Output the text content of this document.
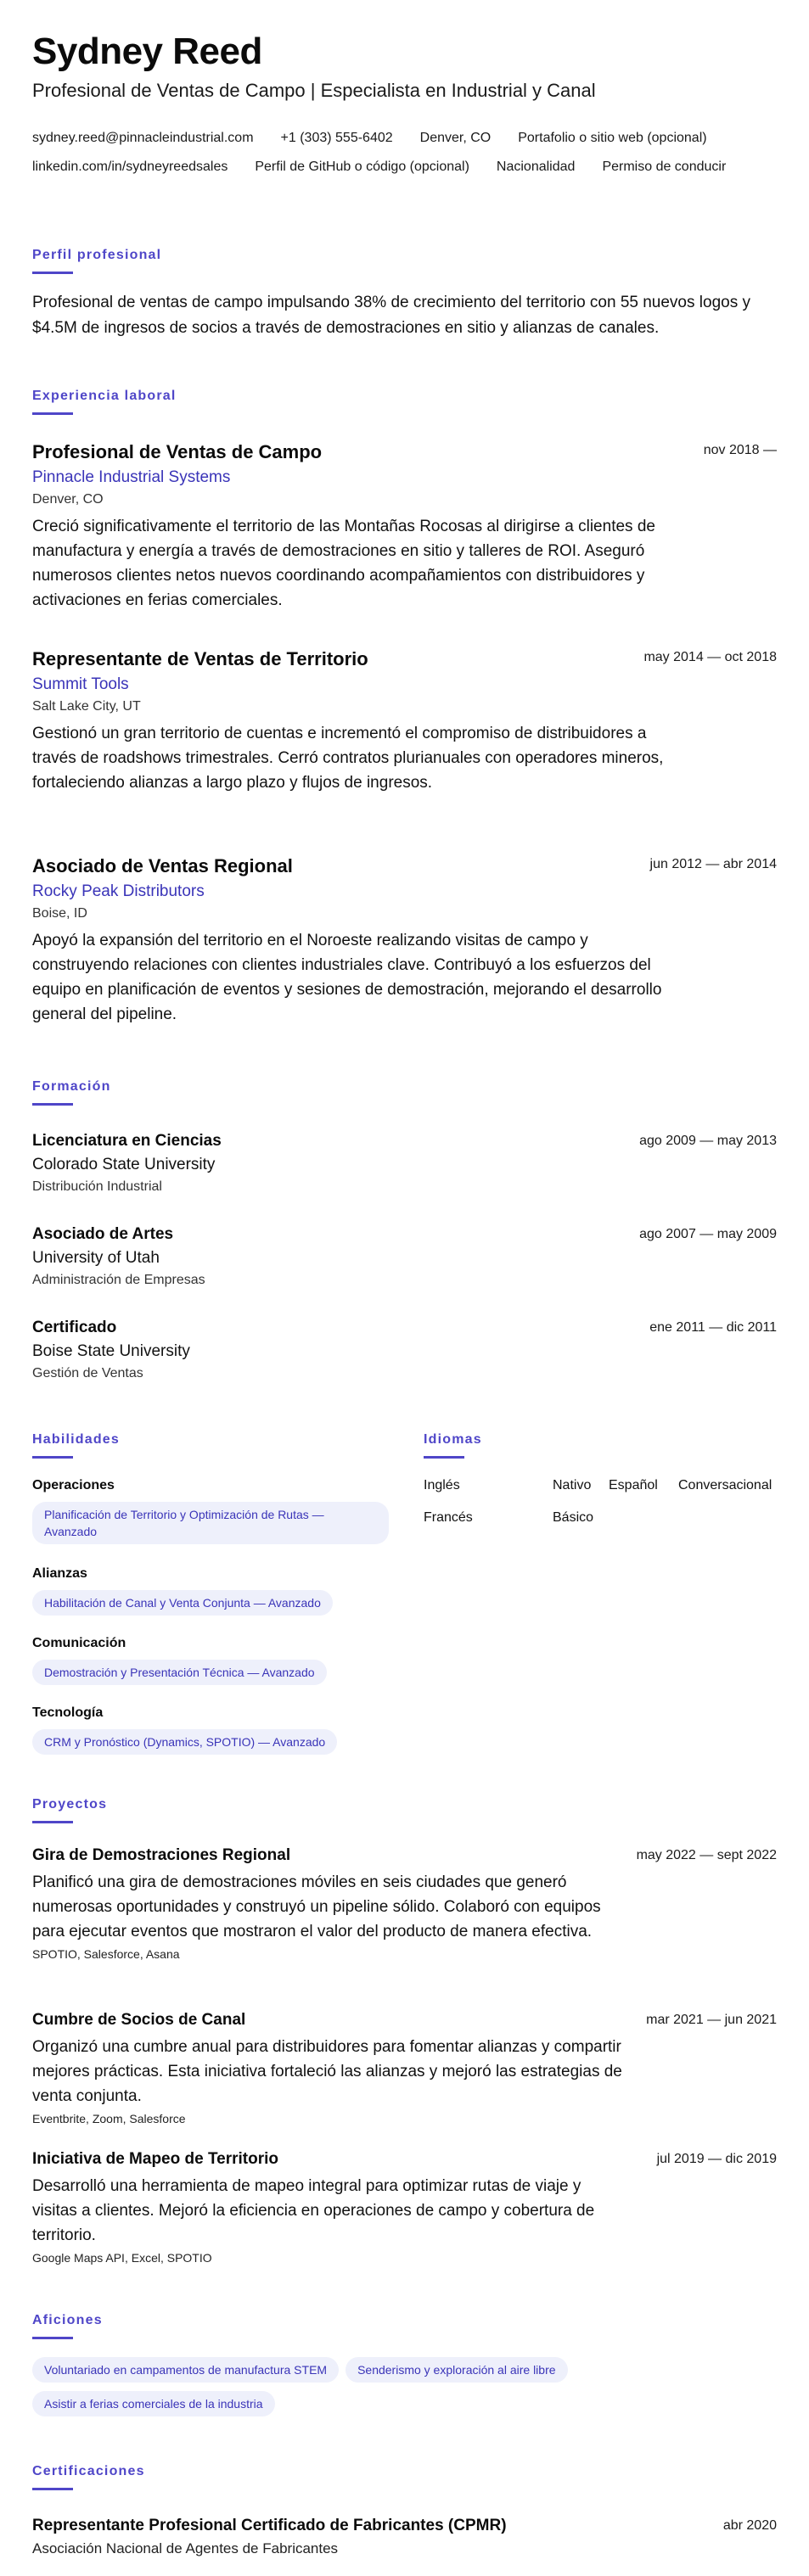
Sydney Reed
Profesional de Ventas de Campo | Especialista en Industrial y Canal
sydney.reed@pinnacleindustrial.com +1 (303) 555-6402 Denver, CO Portafolio o sitio web (opcional)
linkedin.com/in/sydneyreedsales Perfil de GitHub o código (opcional) Nacionalidad Permiso de conducir
Perfil profesional
Profesional de ventas de campo impulsando 38% de crecimiento del territorio con 55 nuevos logos y $4.5M de ingresos de socios a través de demostraciones en sitio y alianzas de canales.
Experiencia laboral
Profesional de Ventas de Campo	nov 2018 —
Pinnacle Industrial Systems
Denver, CO
Creció significativamente el territorio de las Montañas Rocosas al dirigirse a clientes de manufactura y energía a través de demostraciones en sitio y talleres de ROI. Aseguró numerosos clientes netos nuevos coordinando acompañamientos con distribuidores y activaciones en ferias comerciales.
Representante de Ventas de Territorio	may 2014 — oct 2018
Summit Tools
Salt Lake City, UT
Gestionó un gran territorio de cuentas e incrementó el compromiso de distribuidores a través de roadshows trimestrales. Cerró contratos plurianuales con operadores mineros, fortaleciendo alianzas a largo plazo y flujos de ingresos.
Asociado de Ventas Regional	jun 2012 — abr 2014
Rocky Peak Distributors
Boise, ID
Apoyó la expansión del territorio en el Noroeste realizando visitas de campo y construyendo relaciones con clientes industriales clave. Contribuyó a los esfuerzos del equipo en planificación de eventos y sesiones de demostración, mejorando el desarrollo general del pipeline.
Formación
Licenciatura en Ciencias	ago 2009 — may 2013
Colorado State University
Distribución Industrial
Asociado de Artes	ago 2007 — may 2009
University of Utah
Administración de Empresas
Certificado	ene 2011 — dic 2011
Boise State University
Gestión de Ventas
Habilidades
Operaciones
Planificación de Territorio y Optimización de Rutas — Avanzado
Alianzas
Habilitación de Canal y Venta Conjunta — Avanzado
Comunicación
Demostración y Presentación Técnica — Avanzado
Tecnología
CRM y Pronóstico (Dynamics, SPOTIO) — Avanzado
Idiomas
Inglés	Nativo Español Conversacional
Francés	Básico
Proyectos
Gira de Demostraciones Regional	may 2022 — sept 2022
Planificó una gira de demostraciones móviles en seis ciudades que generó numerosas oportunidades y construyó un pipeline sólido. Colaboró con equipos para ejecutar eventos que mostraron el valor del producto de manera efectiva.
SPOTIO, Salesforce, Asana
Cumbre de Socios de Canal	mar 2021 — jun 2021
Organizó una cumbre anual para distribuidores para fomentar alianzas y compartir mejores prácticas. Esta iniciativa fortaleció las alianzas y mejoró las estrategias de venta conjunta.
Eventbrite, Zoom, Salesforce
Iniciativa de Mapeo de Territorio	jul 2019 — dic 2019
Desarrolló una herramienta de mapeo integral para optimizar rutas de viaje y visitas a clientes. Mejoró la eficiencia en operaciones de campo y cobertura de territorio.
Google Maps API, Excel, SPOTIO
Aficiones
Voluntariado en campamentos de manufactura STEM	Senderismo y exploración al aire libre
Asistir a ferias comerciales de la industria
Certificaciones
Representante Profesional Certificado de Fabricantes (CPMR)	abr 2020
Asociación Nacional de Agentes de Fabricantes
